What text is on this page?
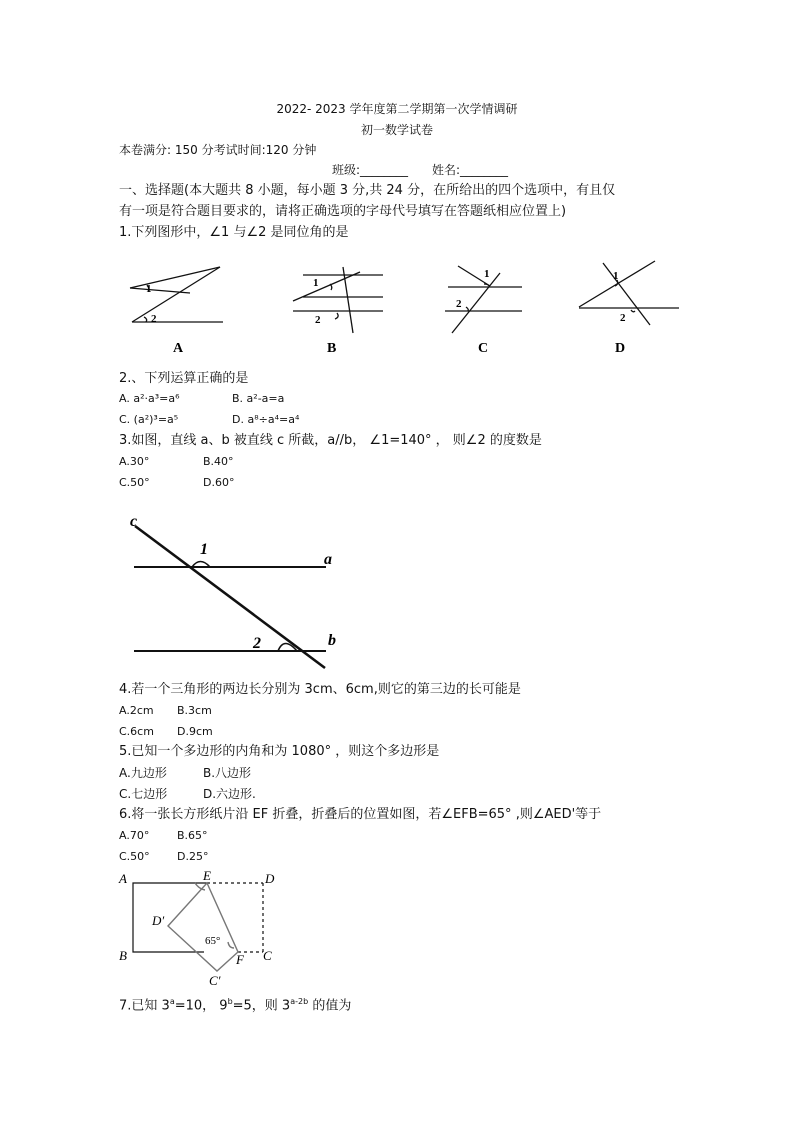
2022- 2023 学年度第二学期第一次学情调研
初一数学试卷
本卷满分: 150 分考试时间:120 分钟
班级:________ 姓名:________
一、选择题(本大题共 8 小题，每小题 3 分,共 24 分，在所给出的四个选项中，有且仅
有一项是符合题目要求的，请将正确选项的字母代号填写在答题纸相应位置上)
1.下列图形中，∠1 与∠2 是同位角的是
1
2
A
1
2
B
1
2
C
1
2
D
2.、下列运算正确的是
A. a²·a³=a⁶	B. a²-a=a
C. (a²)³=a⁵	D. a⁸÷a⁴=a⁴
3.如图，直线 a、b 被直线 c 所截，a//b， ∠1=140° ， 则∠2 的度数是
A.30°	B.40°
C.50°	D.60°
c
1
a
2	b
4.若一个三角形的两边长分别为 3cm、6cm,则它的第三边的长可能是
A.2cm B.3cm
C.6cm D.9cm
5.已知一个多边形的内角和为 1080° ，则这个多边形是
A.九边形	B.八边形
C.七边形	D.六边形.
6.将一张长方形纸片沿 EF 折叠，折叠后的位置如图，若∠EFB=65° ,则∠AED'等于
A.70°	B.65°
C.50° D.25°
A	E	D
D′
65°
B	F C
C′
7.已知 $3^a=10$， $9^b=5$，则 $3^{a-2b}$ 的值为
